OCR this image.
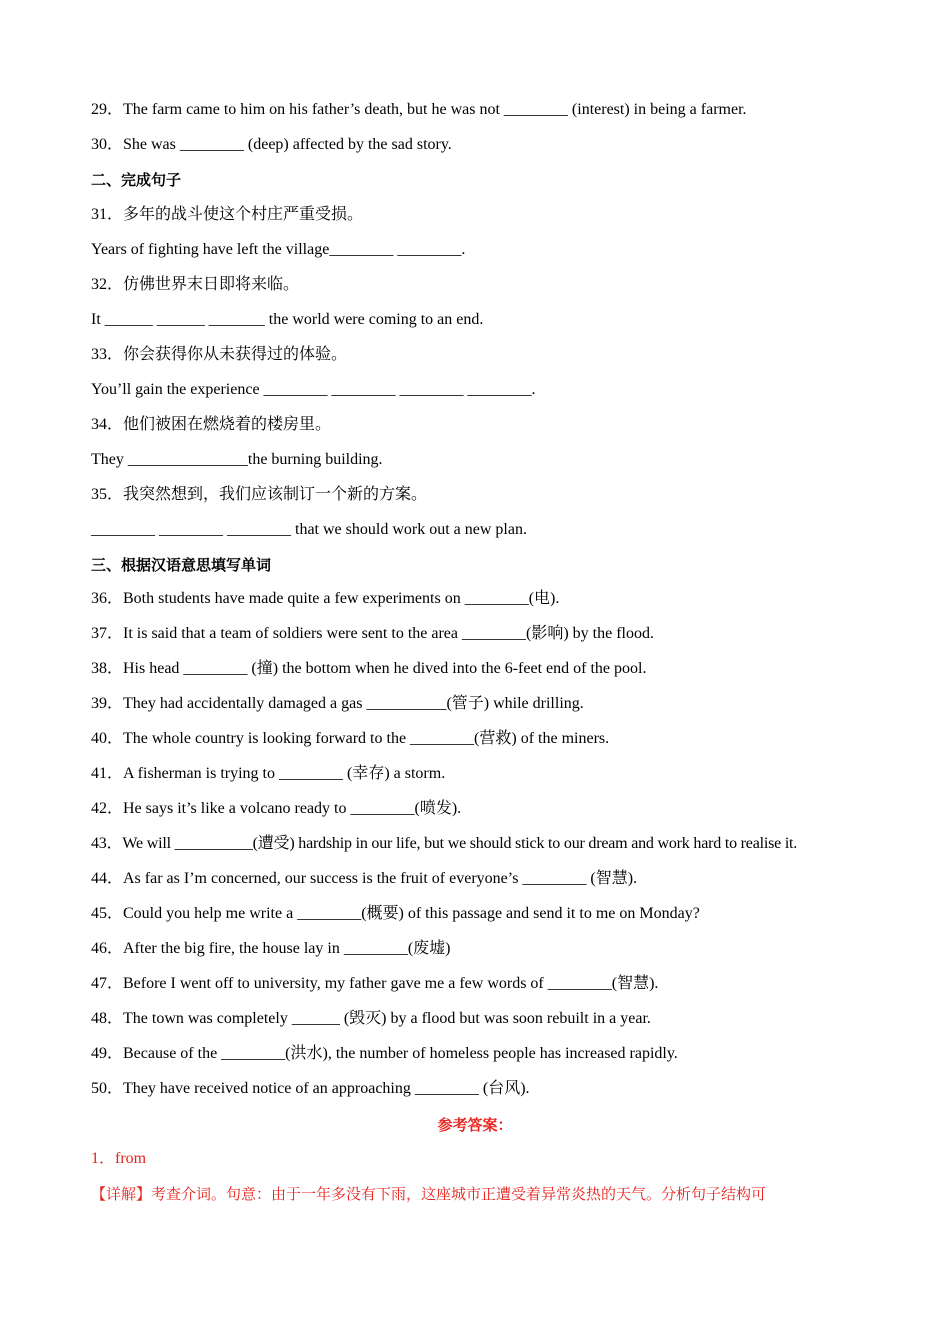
29．The farm came to him on his father’s death, but he was not ________ (interest) in being a farmer.
30．She was ________ (deep) affected by the sad story.
二、完成句子
31．多年的战斗使这个村庄严重受损。
Years of fighting have left the village________ ________.
32．仿佛世界末日即将来临。
It ______ ______ _______ the world were coming to an end.
33．你会获得你从未获得过的体验。
You’ll gain the experience ________ ________ ________ ________.
34．他们被困在燃烧着的楼房里。
They _______________the burning building.
35．我突然想到，我们应该制订一个新的方案。
________ ________ ________ that we should work out a new plan.
三、根据汉语意思填写单词
36．Both students have made quite a few experiments on ________(电).
37．It is said that a team of soldiers were sent to the area ________(影响) by the flood.
38．His head ________ (撞) the bottom when he dived into the 6-feet end of the pool.
39．They had accidentally damaged a gas __________(管子) while drilling.
40．The whole country is looking forward to the ________(营救) of the miners.
41．A fisherman is trying to ________ (幸存) a storm.
42．He says it’s like a volcano ready to ________(喷发).
43．We will __________(遭受) hardship in our life, but we should stick to our dream and work hard to realise it.
44．As far as I’m concerned, our success is the fruit of everyone’s ________ (智慧).
45．Could you help me write a ________(概要) of this passage and send it to me on Monday?
46．After the big fire, the house lay in ________(废墟)
47．Before I went off to university, my father gave me a few words of ________(智慧).
48．The town was completely ______ (毁灭) by a flood but was soon rebuilt in a year.
49．Because of the ________(洪水), the number of homeless people has increased rapidly.
50．They have received notice of an approaching ________ (台风).
参考答案：
1．from
【详解】考查介词。句意：由于一年多没有下雨，这座城市正遭受着异常炎热的天气。分析句子结构可
